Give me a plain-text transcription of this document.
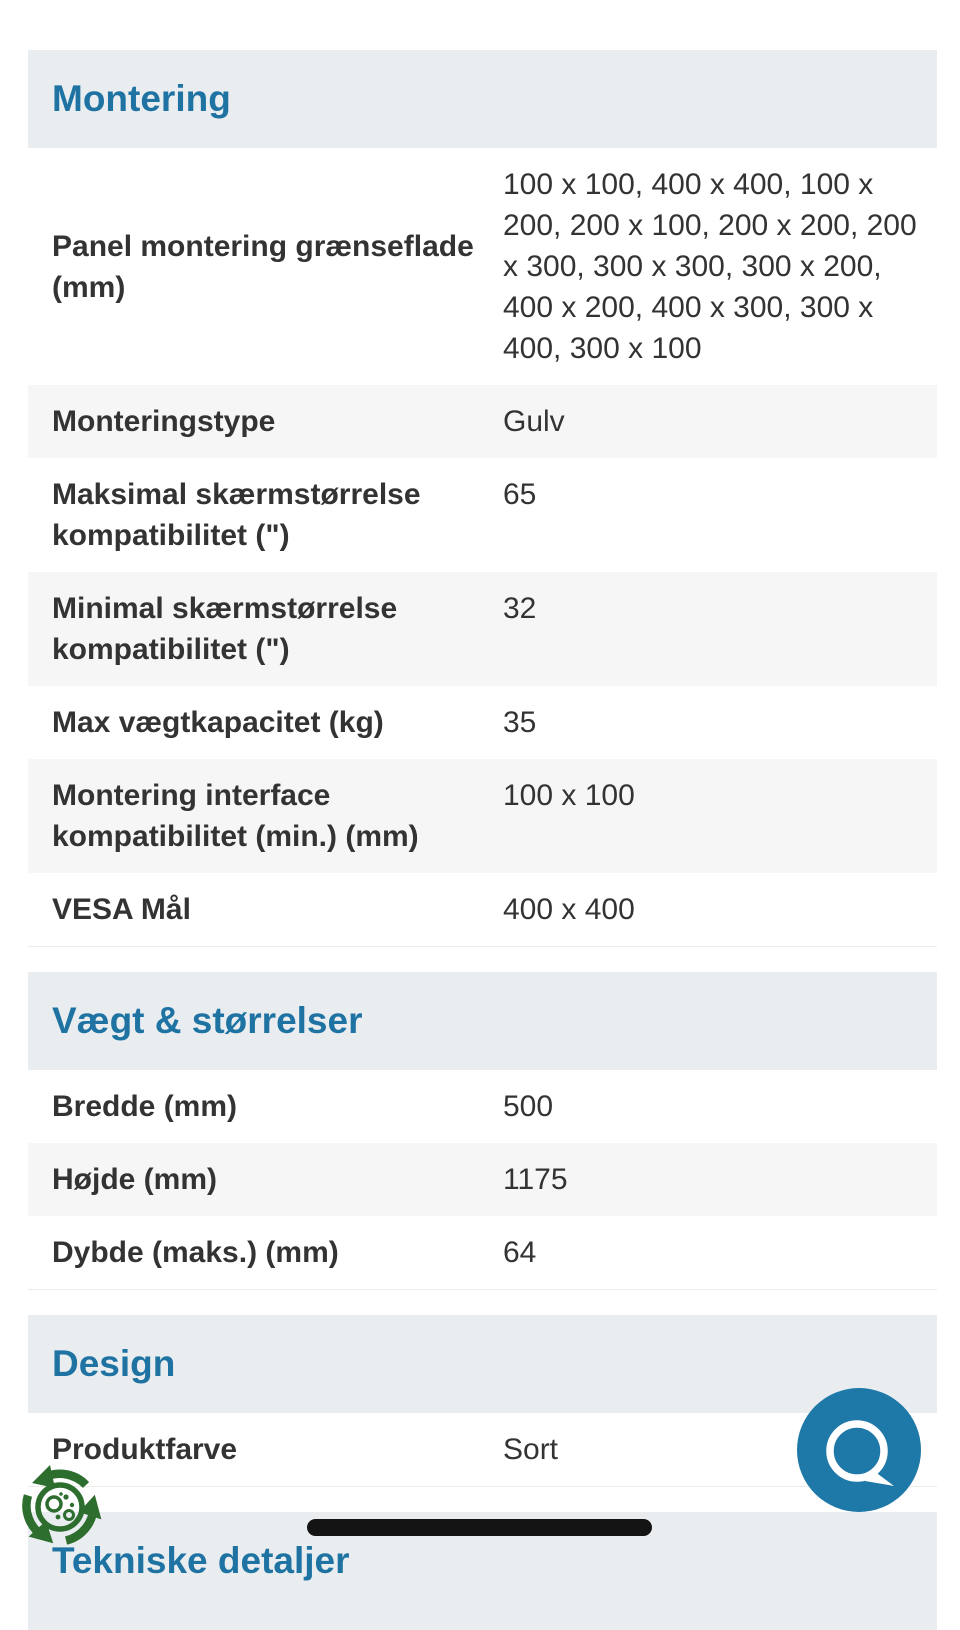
Montering
Panel montering grænseflade (mm)	100 x 100, 400 x 400, 100 x 200, 200 x 100, 200 x 200, 200 x 300, 300 x 300, 300 x 200, 400 x 200, 400 x 300, 300 x 400, 300 x 100
Monteringstype	Gulv
Maksimal skærmstørrelse kompatibilitet (")	65
Minimal skærmstørrelse kompatibilitet (")	32
Max vægtkapacitet (kg)	35
Montering interface kompatibilitet (min.) (mm)	100 x 100
VESA Mål	400 x 400
Vægt & størrelser
Bredde (mm)	500
Højde (mm)	1175
Dybde (maks.) (mm)	64
Design
Produktfarve	Sort
Tekniske detaljer
